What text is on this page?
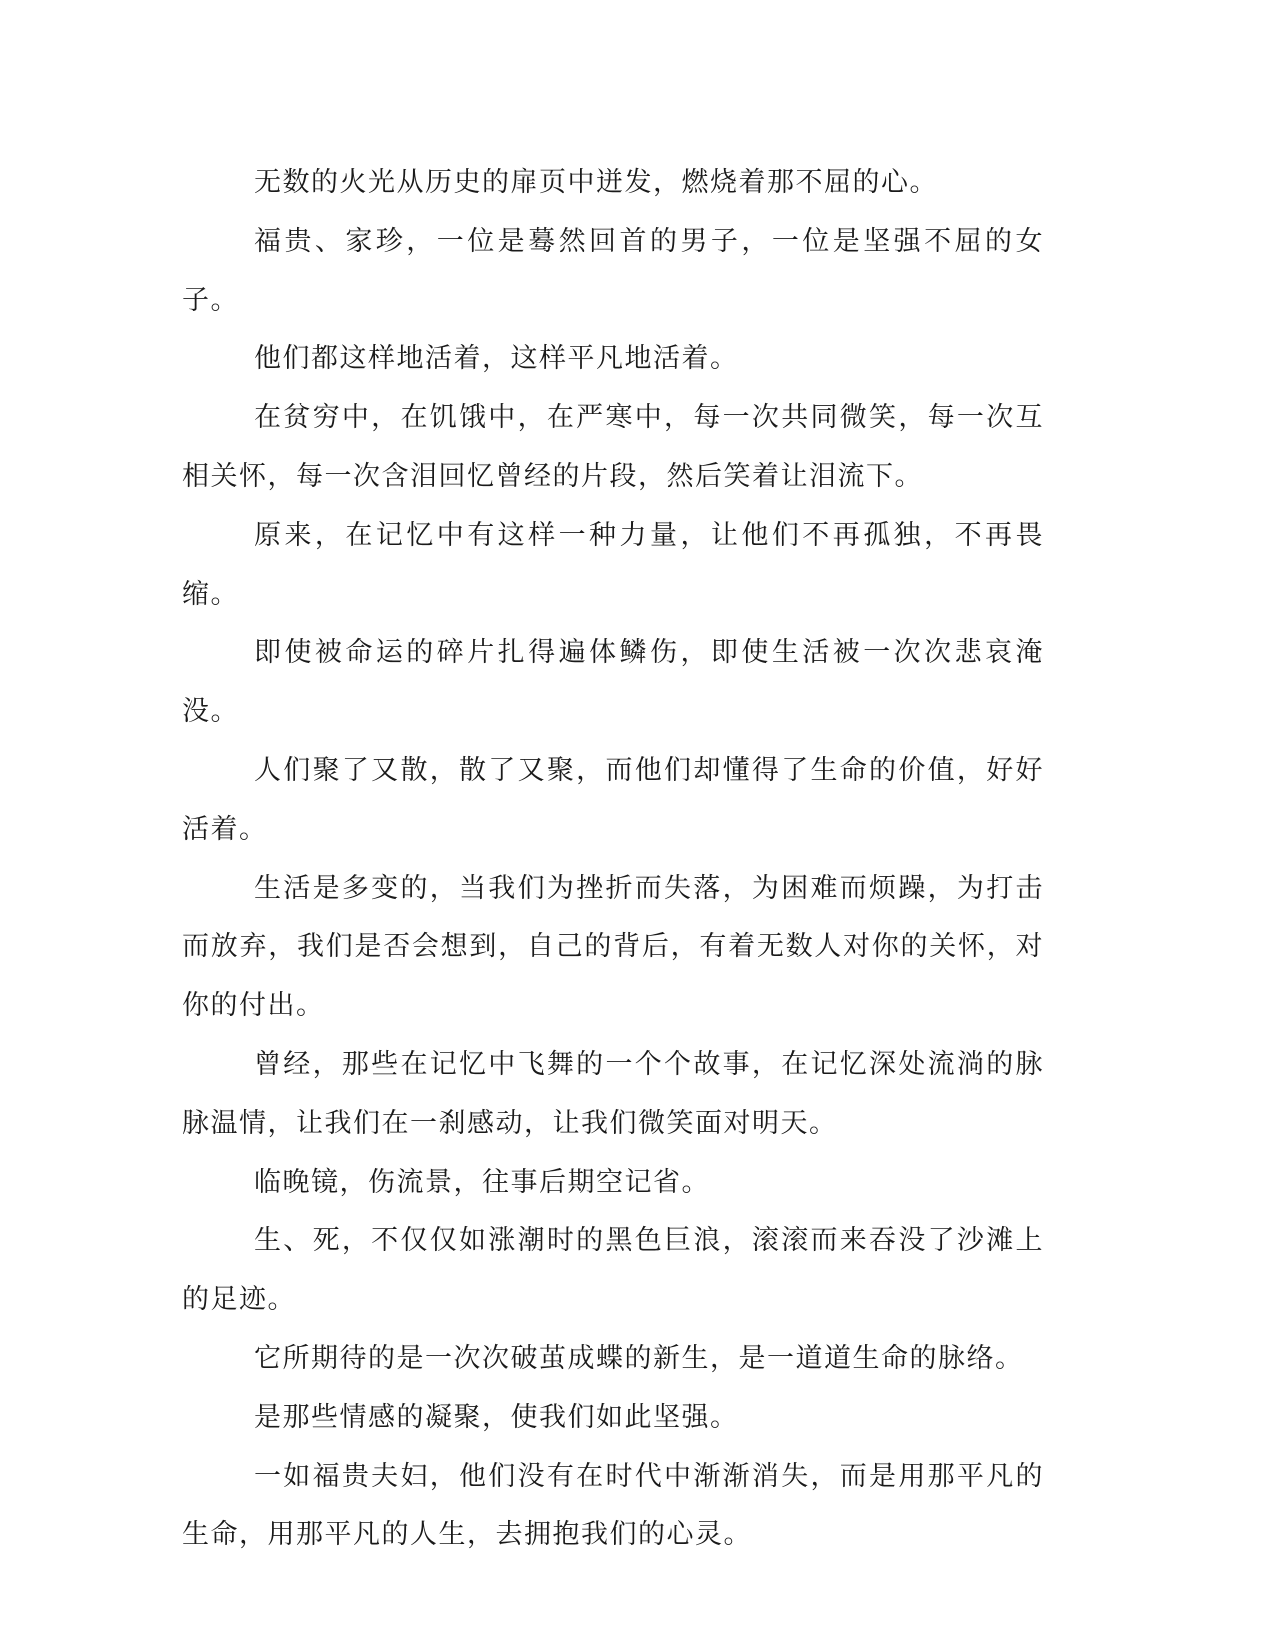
无数的火光从历史的扉页中迸发，燃烧着那不屈的心。

福贵、家珍，一位是蓦然回首的男子，一位是坚强不屈的女子。

他们都这样地活着，这样平凡地活着。

在贫穷中，在饥饿中，在严寒中，每一次共同微笑，每一次互相关怀，每一次含泪回忆曾经的片段，然后笑着让泪流下。

原来，在记忆中有这样一种力量，让他们不再孤独，不再畏缩。

即使被命运的碎片扎得遍体鳞伤，即使生活被一次次悲哀淹没。

人们聚了又散，散了又聚，而他们却懂得了生命的价值，好好活着。

生活是多变的，当我们为挫折而失落，为困难而烦躁，为打击而放弃，我们是否会想到，自己的背后，有着无数人对你的关怀，对你的付出。

曾经，那些在记忆中飞舞的一个个故事，在记忆深处流淌的脉脉温情，让我们在一刹感动，让我们微笑面对明天。

临晚镜，伤流景，往事后期空记省。

生、死，不仅仅如涨潮时的黑色巨浪，滚滚而来吞没了沙滩上的足迹。

它所期待的是一次次破茧成蝶的新生，是一道道生命的脉络。

是那些情感的凝聚，使我们如此坚强。

一如福贵夫妇，他们没有在时代中渐渐消失，而是用那平凡的生命，用那平凡的人生，去拥抱我们的心灵。
